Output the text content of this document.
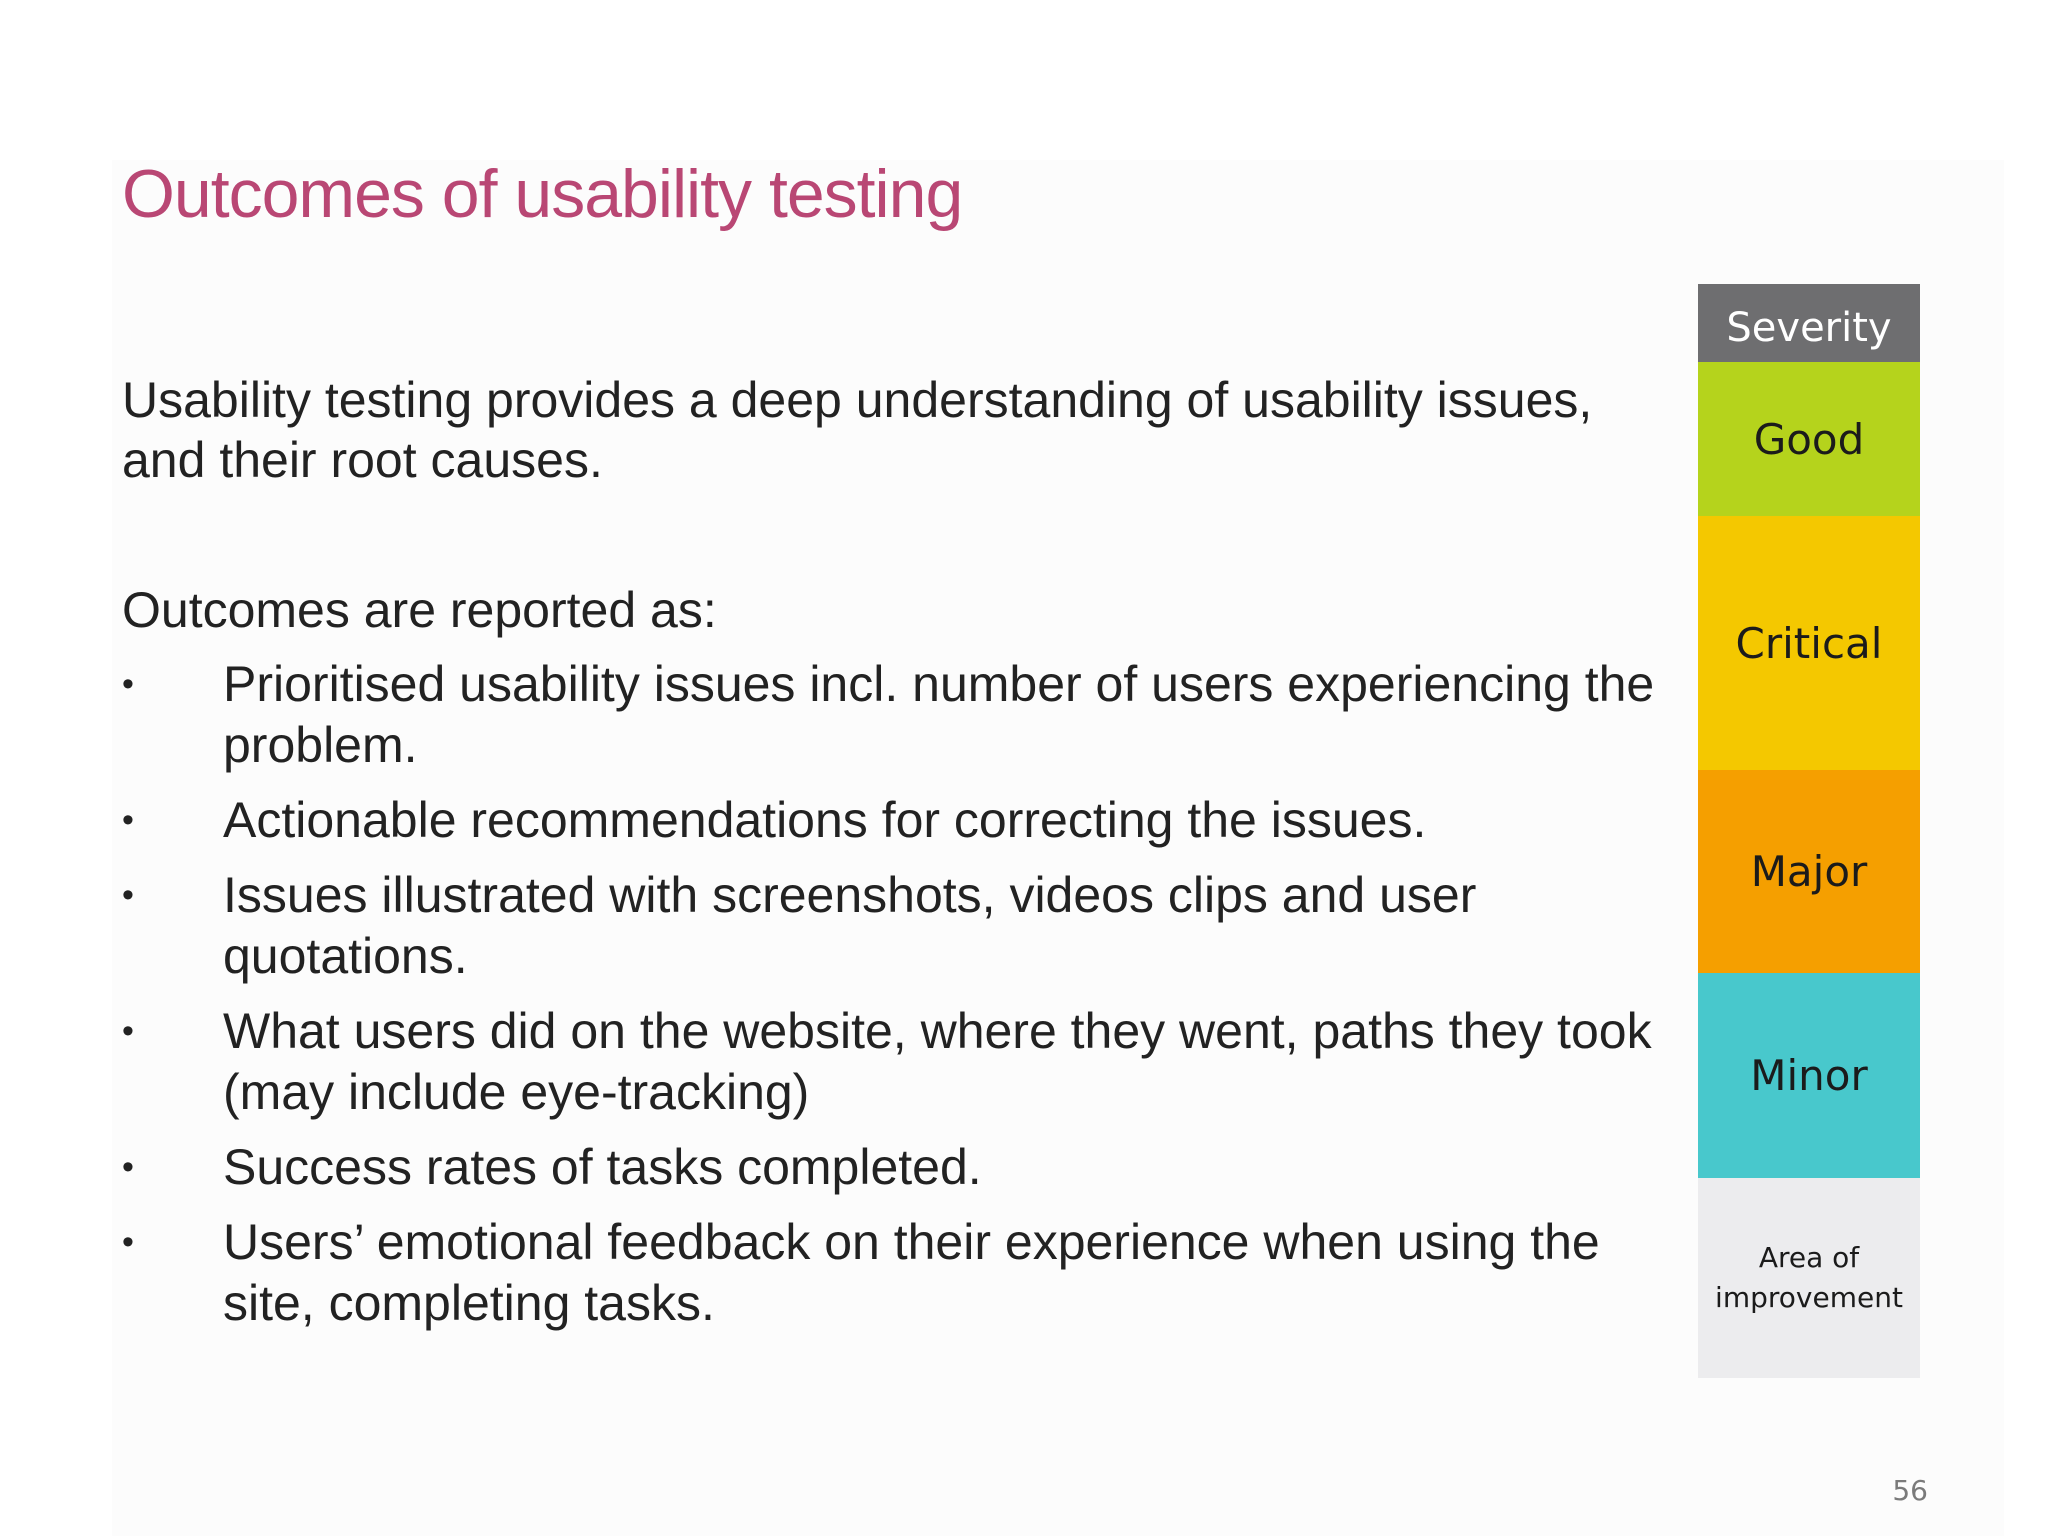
Outcomes of usability testing

Usability testing provides a deep understanding of usability issues, and their root causes.

Outcomes are reported as:

• Prioritised usability issues incl. number of users experiencing the problem.
• Actionable recommendations for correcting the issues.
• Issues illustrated with screenshots, videos clips and user quotations.
• What users did on the website, where they went, paths they took (may include eye-tracking)
• Success rates of tasks completed.
• Users’ emotional feedback on their experience when using the site, completing tasks.
Severity
Good
Critical
Major
Minor
Area of improvement
56
